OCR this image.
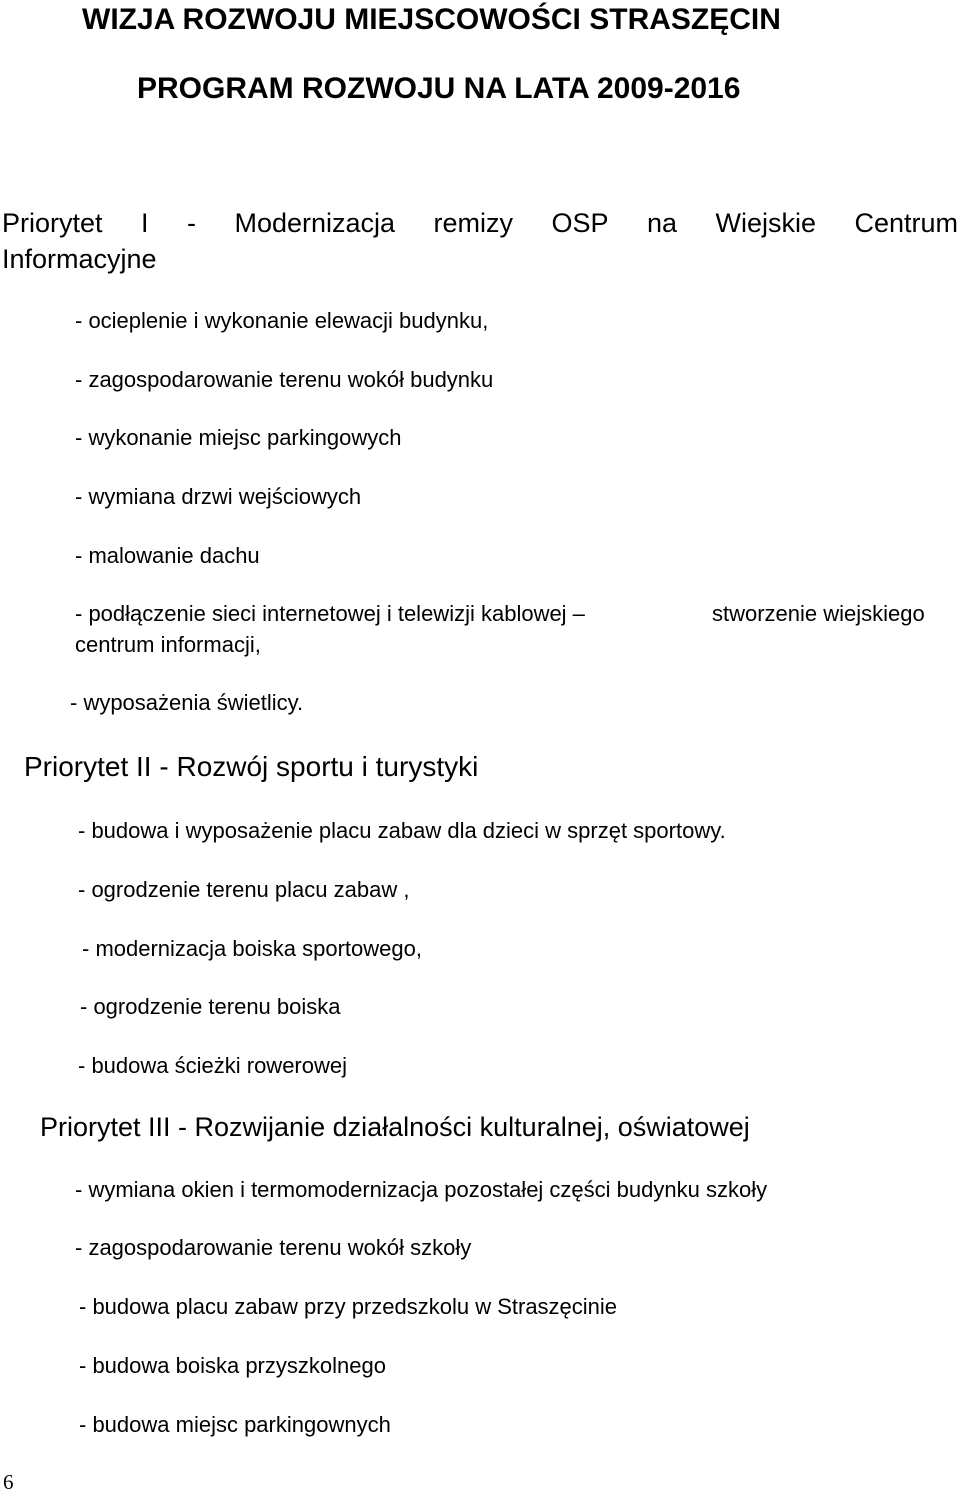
WIZJA ROZWOJU MIEJSCOWOŚCI STRASZĘCIN
PROGRAM ROZWOJU NA LATA 2009-2016
Priorytet I - Modernizacja remizy OSP na Wiejskie Centrum
Informacyjne
- ocieplenie i wykonanie elewacji budynku,
- zagospodarowanie terenu wokół budynku
- wykonanie miejsc parkingowych
- wymiana drzwi wejściowych
- malowanie dachu
- podłączenie sieci internetowej i telewizji kablowej –	stworzenie wiejskiego
centrum informacji,
- wyposażenia świetlicy.
Priorytet II - Rozwój sportu i turystyki
- budowa i wyposażenie placu zabaw dla dzieci w sprzęt sportowy.
- ogrodzenie terenu placu zabaw ,
- modernizacja boiska sportowego,
- ogrodzenie terenu boiska
- budowa ścieżki rowerowej
Priorytet III - Rozwijanie działalności kulturalnej, oświatowej
- wymiana okien i termomodernizacja pozostałej części budynku szkoły
- zagospodarowanie terenu wokół szkoły
- budowa placu zabaw przy przedszkolu w Straszęcinie
- budowa boiska przyszkolnego
- budowa miejsc parkingownych
6
